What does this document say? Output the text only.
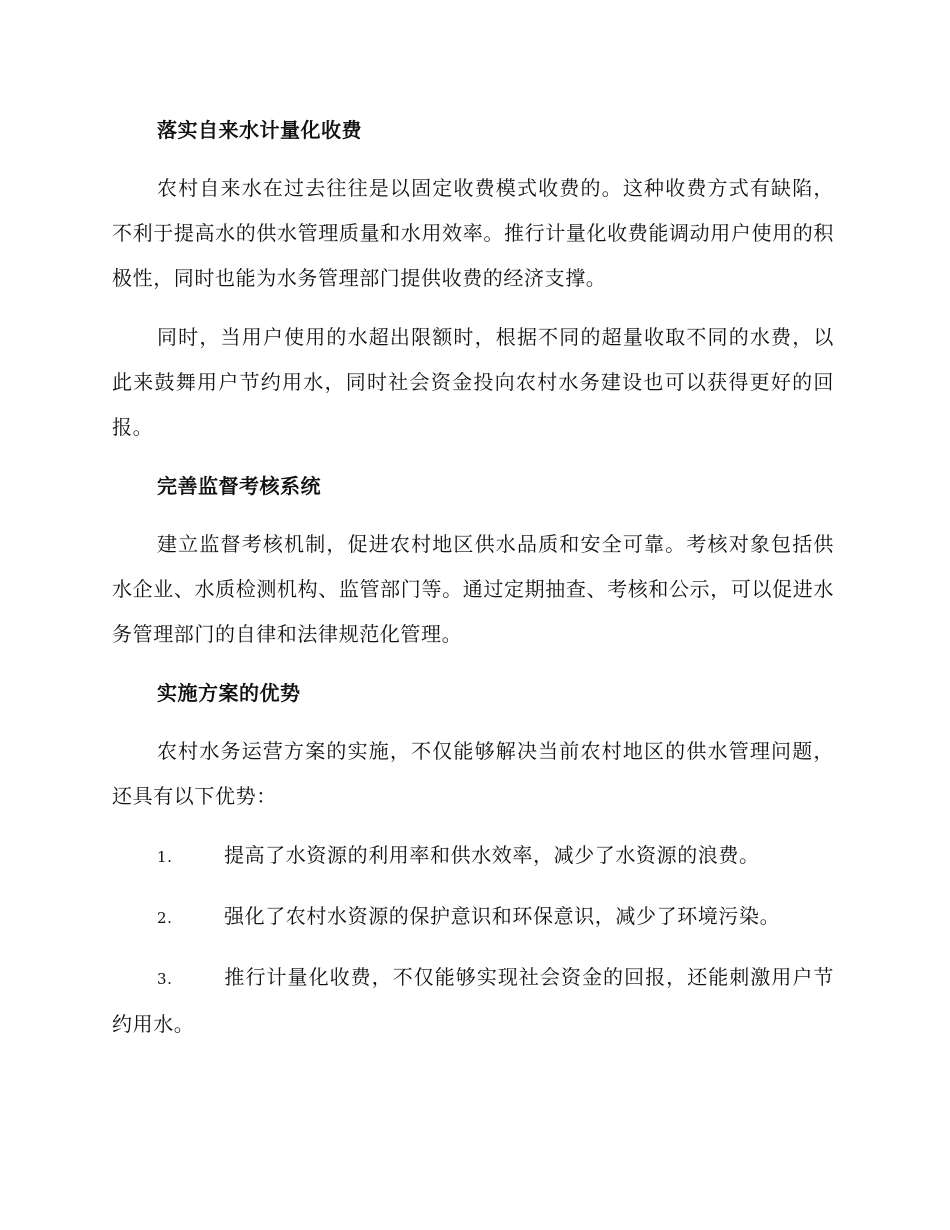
落实自来水计量化收费

农村自来水在过去往往是以固定收费模式收费的。这种收费方式有缺陷，不利于提高水的供水管理质量和水用效率。推行计量化收费能调动用户使用的积极性，同时也能为水务管理部门提供收费的经济支撑。

同时，当用户使用的水超出限额时，根据不同的超量收取不同的水费，以此来鼓舞用户节约用水，同时社会资金投向农村水务建设也可以获得更好的回报。

完善监督考核系统

建立监督考核机制，促进农村地区供水品质和安全可靠。考核对象包括供水企业、水质检测机构、监管部门等。通过定期抽查、考核和公示，可以促进水务管理部门的自律和法律规范化管理。

实施方案的优势

农村水务运营方案的实施，不仅能够解决当前农村地区的供水管理问题，还具有以下优势：

1.	提高了水资源的利用率和供水效率，减少了水资源的浪费。

2.	强化了农村水资源的保护意识和环保意识，减少了环境污染。

3.	推行计量化收费，不仅能够实现社会资金的回报，还能刺激用户节约用水。
